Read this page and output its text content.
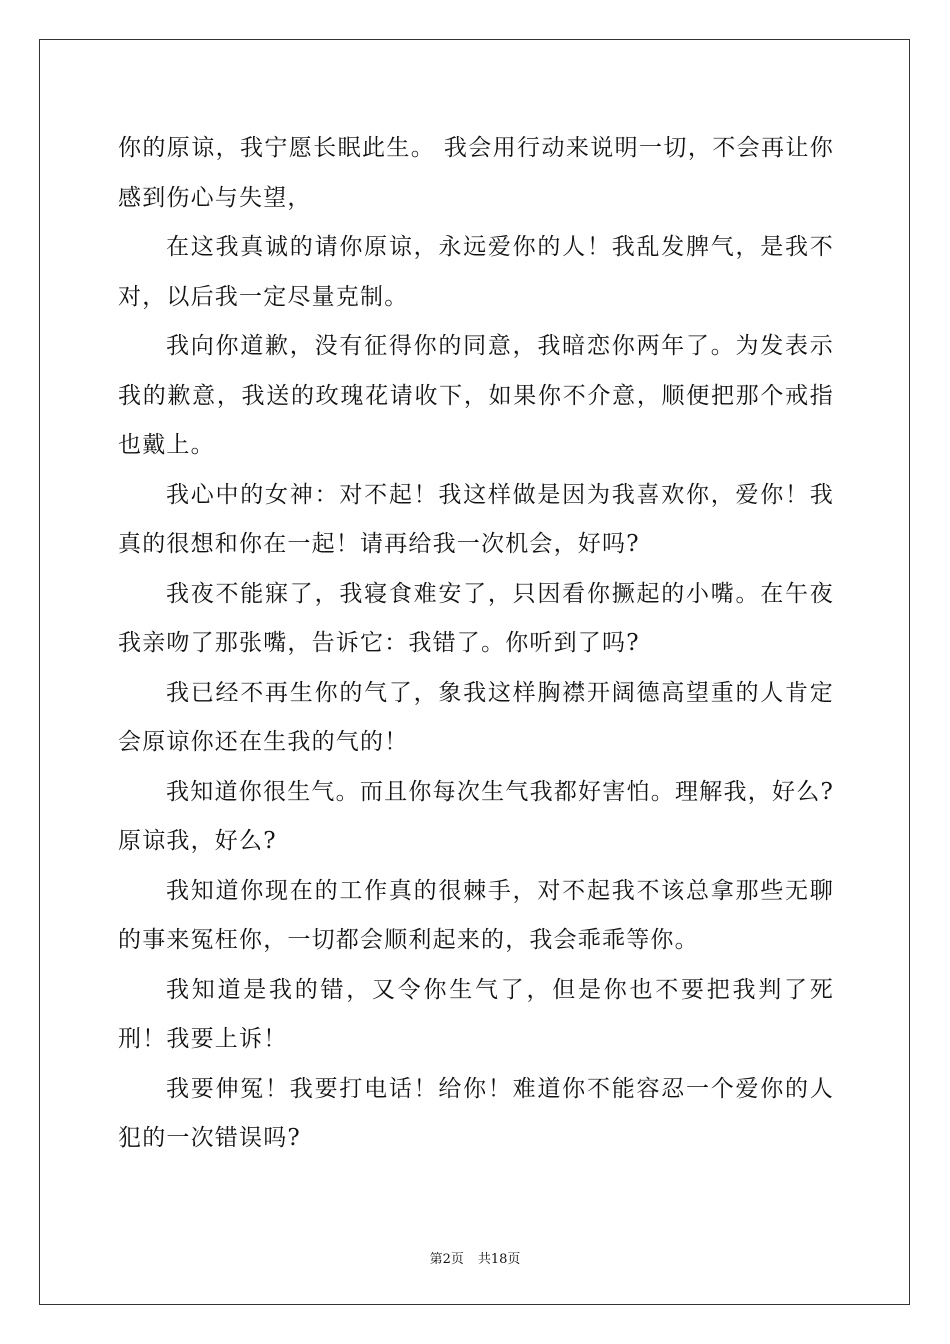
你的原谅，我宁愿长眠此生。 我会用行动来说明一切，不会再让你感到伤心与失望，

在这我真诚的请你原谅，永远爱你的人！我乱发脾气，是我不对，以后我一定尽量克制。

我向你道歉，没有征得你的同意，我暗恋你两年了。为发表示我的歉意，我送的玫瑰花请收下，如果你不介意，顺便把那个戒指也戴上。

我心中的女神：对不起！我这样做是因为我喜欢你，爱你！我真的很想和你在一起！请再给我一次机会，好吗?

我夜不能寐了，我寝食难安了，只因看你撅起的小嘴。在午夜我亲吻了那张嘴，告诉它：我错了。你听到了吗?

我已经不再生你的气了，象我这样胸襟开阔德高望重的人肯定会原谅你还在生我的气的！

我知道你很生气。而且你每次生气我都好害怕。理解我，好么?原谅我，好么?

我知道你现在的工作真的很棘手，对不起我不该总拿那些无聊的事来冤枉你，一切都会顺利起来的，我会乖乖等你。

我知道是我的错，又令你生气了，但是你也不要把我判了死刑！我要上诉！

我要伸冤！我要打电话！给你！难道你不能容忍一个爱你的人犯的一次错误吗?

第2页 共18页
